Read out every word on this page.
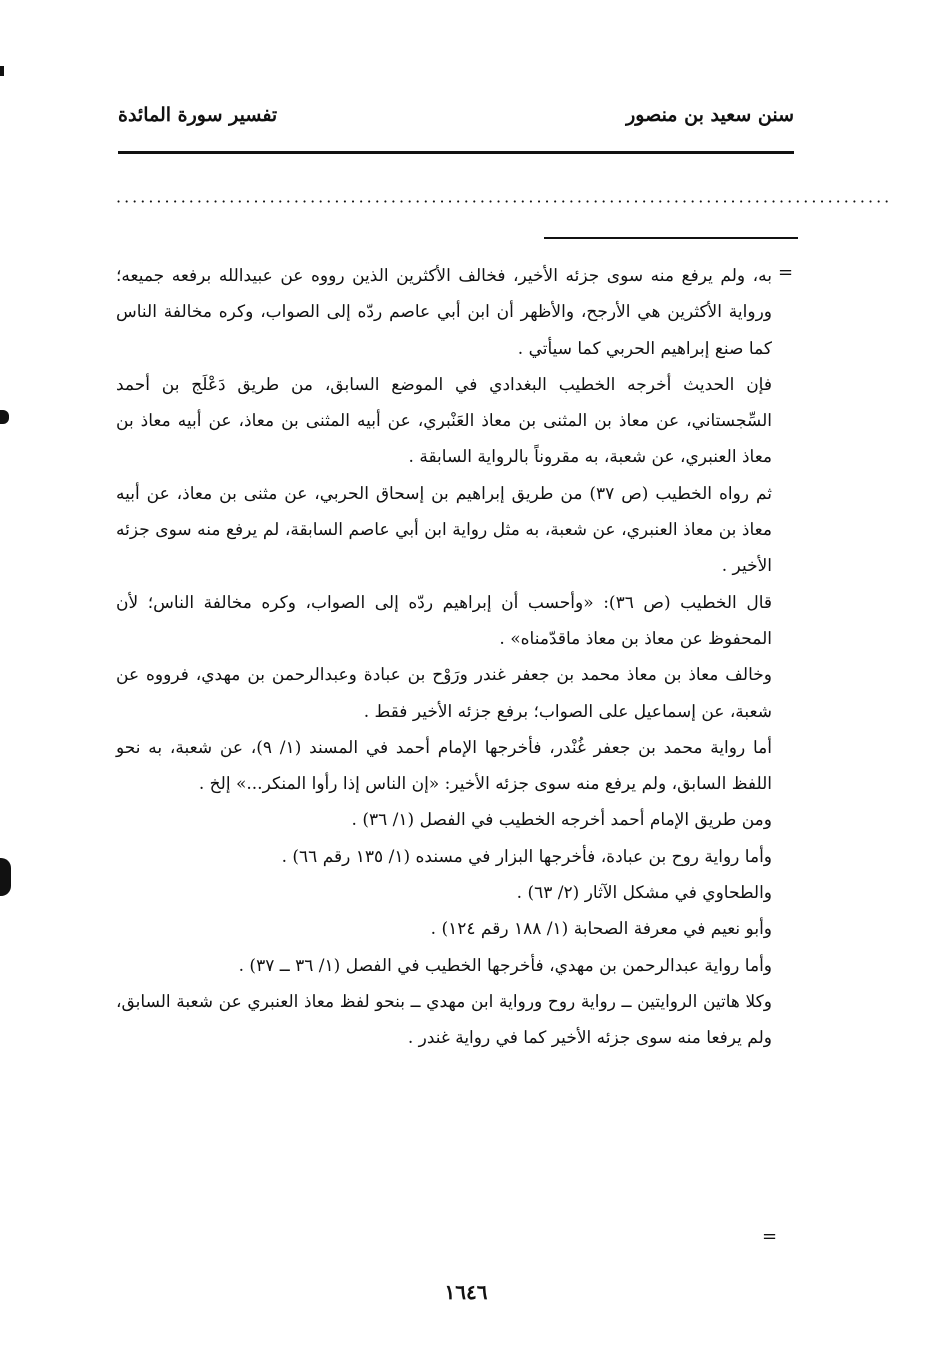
سنن سعيد بن منصور
تفسير سورة المائدة
································································································
=

به، ولم يرفع منه سوى جزئه الأخير، فخالف الأكثرين الذين رووه عن عبيدالله برفعه جميعه؛ ورواية الأكثرين هي الأرجح، والأظهر أن ابن أبي عاصم ردّه إلى الصواب، وكره مخالفة الناس كما صنع إبراهيم الحربي كما سيأتي .

فإن الحديث أخرجه الخطيب البغدادي في الموضع السابق، من طريق دَعْلَج بن أحمد السِّجستاني، عن معاذ بن المثنى بن معاذ العَنْبري، عن أبيه المثنى بن معاذ، عن أبيه معاذ بن معاذ العنبري، عن شعبة، به مقروناً بالرواية السابقة .

ثم رواه الخطيب (ص ٣٧) من طريق إبراهيم بن إسحاق الحربي، عن مثنى بن معاذ، عن أبيه معاذ بن معاذ العنبري، عن شعبة، به مثل رواية ابن أبي عاصم السابقة، لم يرفع منه سوى جزئه الأخير .

قال الخطيب (ص ٣٦): «وأحسب أن إبراهيم ردّه إلى الصواب، وكره مخالفة الناس؛ لأن المحفوظ عن معاذ بن معاذ ماقدّمناه» .

وخالف معاذ بن معاذ محمد بن جعفر غندر ورَوْح بن عبادة وعبدالرحمن بن مهدي، فرووه عن شعبة، عن إسماعيل على الصواب؛ برفع جزئه الأخير فقط .

أما رواية محمد بن جعفر غُنْدر، فأخرجها الإمام أحمد في المسند (١/ ٩)، عن شعبة، به نحو اللفظ السابق، ولم يرفع منه سوى جزئه الأخير: «إن الناس إذا رأوا المنكر...» إلخ .

ومن طريق الإمام أحمد أخرجه الخطيب في الفصل (١/ ٣٦) .

وأما رواية روح بن عبادة، فأخرجها البزار في مسنده (١/ ١٣٥ رقم ٦٦) .

والطحاوي في مشكل الآثار (٢/ ٦٣) .

وأبو نعيم في معرفة الصحابة (١/ ١٨٨ رقم ١٢٤) .

وأما رواية عبدالرحمن بن مهدي، فأخرجها الخطيب في الفصل (١/ ٣٦ ــ ٣٧) .

وكلا هاتين الروايتين ــ رواية روح ورواية ابن مهدي ــ بنحو لفظ معاذ العنبري عن شعبة السابق، ولم يرفعا منه سوى جزئه الأخير كما في رواية غندر .

=
١٦٤٦
